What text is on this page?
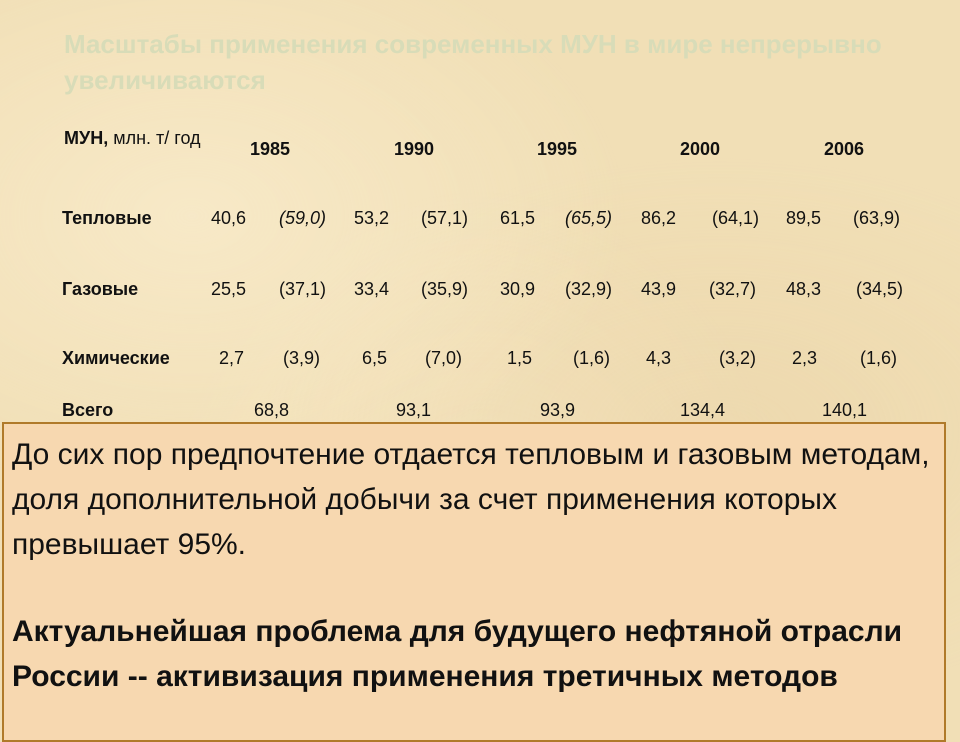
Масштабы применения современных МУН в мире непрерывно увеличиваются
МУН, млн. т/ год
1985	1990	1995	2000	2006
Тепловые	40,6 (59,0) 53,2 (57,1) 61,5 (65,5) 86,2 (64,1) 89,5 (63,9)
Газовые	25,5 (37,1) 33,4 (35,9) 30,9 (32,9) 43,9 (32,7) 48,3 (34,5)
Химические	2,7 (3,9) 6,5 (7,0) 1,5 (1,6) 4,3	(3,2) 2,3 (1,6)
Всего	68,8	93,1	93,9	134,4	140,1

До сих пор предпочтение отдается тепловым и газовым методам, доля дополнительной добычи за счет применения которых превышает 95%.

Актуальнейшая проблема для будущего нефтяной отрасли России -- активизация применения третичных методов
